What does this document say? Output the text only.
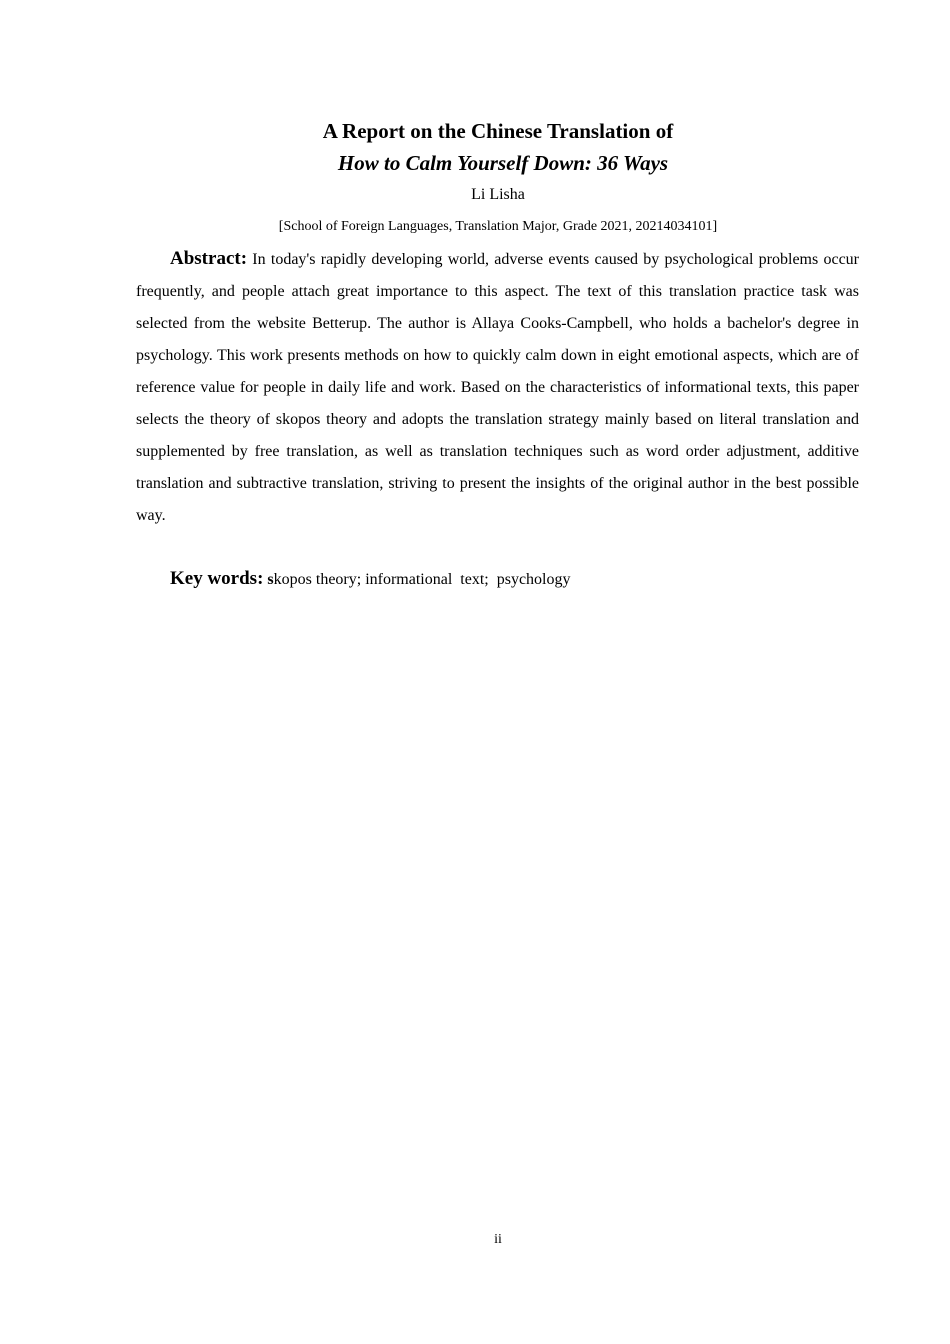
A Report on the Chinese Translation of
How to Calm Yourself Down: 36 Ways
Li Lisha
[School of Foreign Languages, Translation Major, Grade 2021, 20214034101]

Abstract: In today's rapidly developing world, adverse events caused by psychological problems occur frequently, and people attach great importance to this aspect. The text of this translation practice task was selected from the website Betterup. The author is Allaya Cooks-Campbell, who holds a bachelor's degree in psychology. This work presents methods on how to quickly calm down in eight emotional aspects, which are of reference value for people in daily life and work. Based on the characteristics of informational texts, this paper selects the theory of skopos theory and adopts the translation strategy mainly based on literal translation and supplemented by free translation, as well as translation techniques such as word order adjustment, additive translation and subtractive translation, striving to present the insights of the original author in the best possible way.

Key words: skopos theory; informational  text;  psychology
ii
